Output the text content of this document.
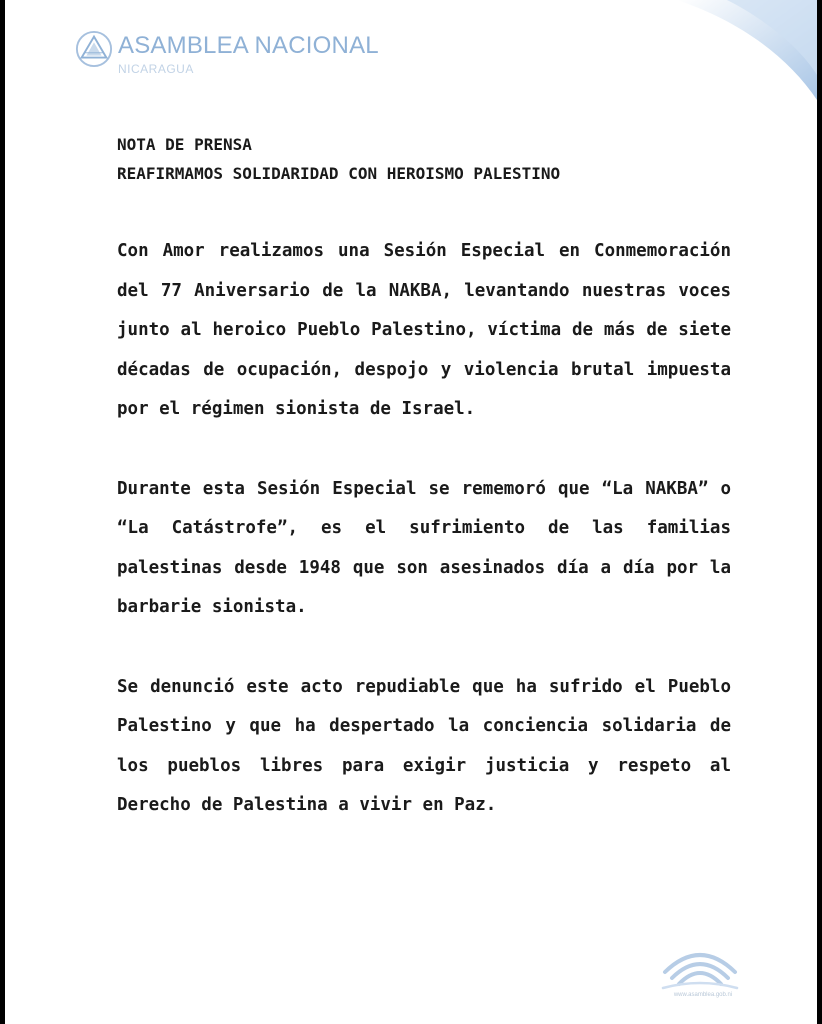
ASAMBLEA NACIONAL
NICARAGUA
NOTA DE PRENSA
REAFIRMAMOS SOLIDARIDAD CON HEROISMO PALESTINO

Con Amor realizamos una Sesión Especial en Conmemoración del 77 Aniversario de la NAKBA, levantando nuestras voces junto al heroico Pueblo Palestino, víctima de más de siete décadas de ocupación, despojo y violencia brutal impuesta por el régimen sionista de Israel.

Durante esta Sesión Especial se rememoró que “La NAKBA” o “La Catástrofe”, es el sufrimiento de las familias palestinas desde 1948 que son asesinados día a día por la barbarie sionista.

Se denunció este acto repudiable que ha sufrido el Pueblo Palestino y que ha despertado la conciencia solidaria de los pueblos libres para exigir justicia y respeto al Derecho de Palestina a vivir en Paz.

www.asamblea.gob.ni
